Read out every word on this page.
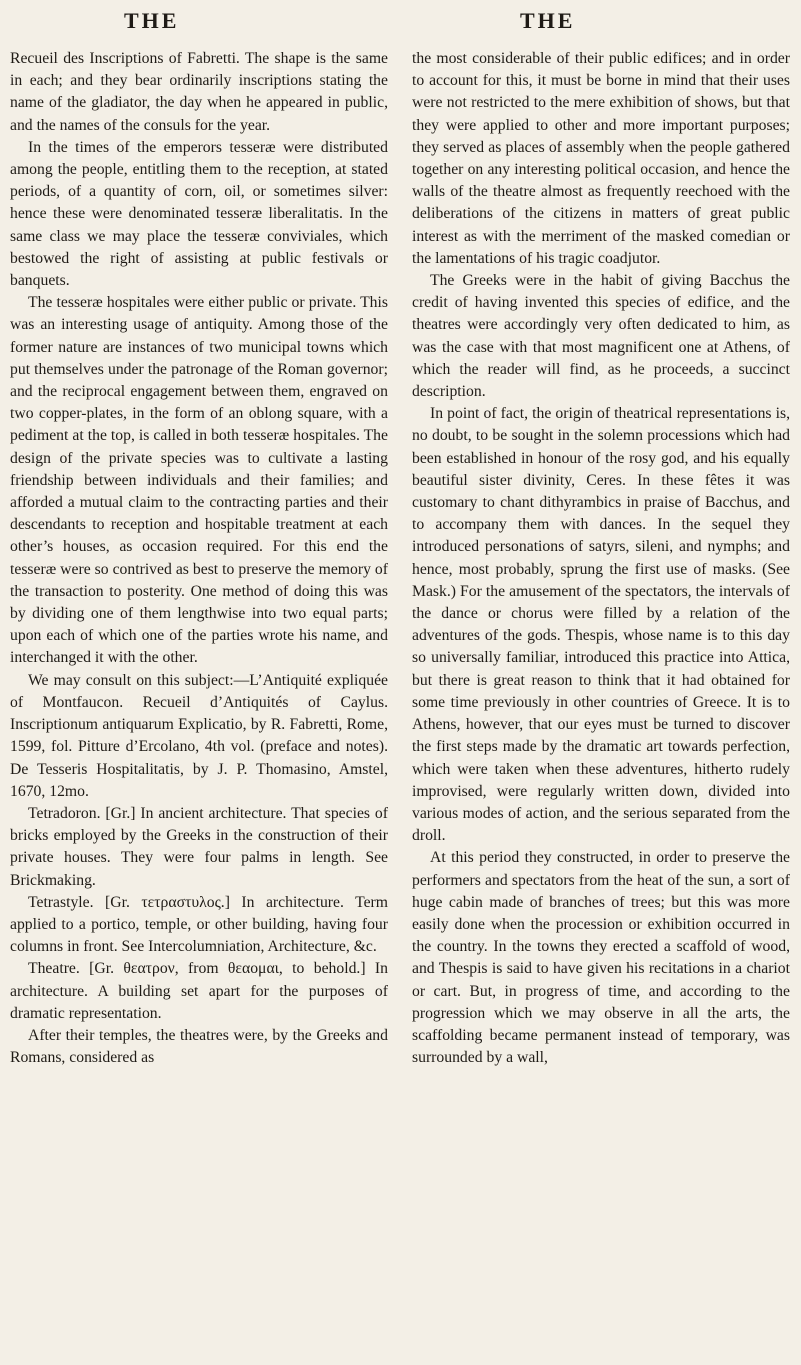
THE	THE

Recueil des Inscriptions of Fabretti. The shape is the same in each; and they bear ordinarily inscriptions stating the name of the gladiator, the day when he appeared in public, and the names of the consuls for the year.

In the times of the emperors tesseræ were distributed among the people, entitling them to the reception, at stated periods, of a quantity of corn, oil, or sometimes silver: hence these were denominated tesseræ liberalitatis. In the same class we may place the tesseræ conviviales, which bestowed the right of assisting at public festivals or banquets.

The tesseræ hospitales were either public or private. This was an interesting usage of antiquity. Among those of the former nature are instances of two municipal towns which put themselves under the patronage of the Roman governor; and the reciprocal engagement between them, engraved on two copper-plates, in the form of an oblong square, with a pediment at the top, is called in both tesseræ hospitales. The design of the private species was to cultivate a lasting friendship between individuals and their families; and afforded a mutual claim to the contracting parties and their descendants to reception and hospitable treatment at each other’s houses, as occasion required. For this end the tesseræ were so contrived as best to preserve the memory of the transaction to posterity. One method of doing this was by dividing one of them lengthwise into two equal parts; upon each of which one of the parties wrote his name, and interchanged it with the other.

We may consult on this subject:—L’Antiquité expliquée of Montfaucon. Recueil d’Antiquités of Caylus. Inscriptionum antiquarum Explicatio, by R. Fabretti, Rome, 1599, fol. Pitture d’Ercolano, 4th vol. (preface and notes). De Tesseris Hospitalitatis, by J. P. Thomasino, Amstel, 1670, 12mo.

Tetradoron. [Gr.] In ancient architecture. That species of bricks employed by the Greeks in the construction of their private houses. They were four palms in length. See Brickmaking.

Tetrastyle. [Gr. τετραστυλος.] In architecture. Term applied to a portico, temple, or other building, having four columns in front. See Intercolumniation, Architecture, &c.

Theatre. [Gr. θεατρον, from θεαομαι, to behold.] In architecture. A building set apart for the purposes of dramatic representation.

After their temples, the theatres were, by the Greeks and Romans, considered as

the most considerable of their public edifices; and in order to account for this, it must be borne in mind that their uses were not restricted to the mere exhibition of shows, but that they were applied to other and more important purposes; they served as places of assembly when the people gathered together on any interesting political occasion, and hence the walls of the theatre almost as frequently reechoed with the deliberations of the citizens in matters of great public interest as with the merriment of the masked comedian or the lamentations of his tragic coadjutor.

The Greeks were in the habit of giving Bacchus the credit of having invented this species of edifice, and the theatres were accordingly very often dedicated to him, as was the case with that most magnificent one at Athens, of which the reader will find, as he proceeds, a succinct description.

In point of fact, the origin of theatrical representations is, no doubt, to be sought in the solemn processions which had been established in honour of the rosy god, and his equally beautiful sister divinity, Ceres. In these fêtes it was customary to chant dithyrambics in praise of Bacchus, and to accompany them with dances. In the sequel they introduced personations of satyrs, sileni, and nymphs; and hence, most probably, sprung the first use of masks. (See Mask.) For the amusement of the spectators, the intervals of the dance or chorus were filled by a relation of the adventures of the gods. Thespis, whose name is to this day so universally familiar, introduced this practice into Attica, but there is great reason to think that it had obtained for some time previously in other countries of Greece. It is to Athens, however, that our eyes must be turned to discover the first steps made by the dramatic art towards perfection, which were taken when these adventures, hitherto rudely improvised, were regularly written down, divided into various modes of action, and the serious separated from the droll.

At this period they constructed, in order to preserve the performers and spectators from the heat of the sun, a sort of huge cabin made of branches of trees; but this was more easily done when the procession or exhibition occurred in the country. In the towns they erected a scaffold of wood, and Thespis is said to have given his recitations in a chariot or cart. But, in progress of time, and according to the progression which we may observe in all the arts, the scaffolding became permanent instead of temporary, was surrounded by a wall,
